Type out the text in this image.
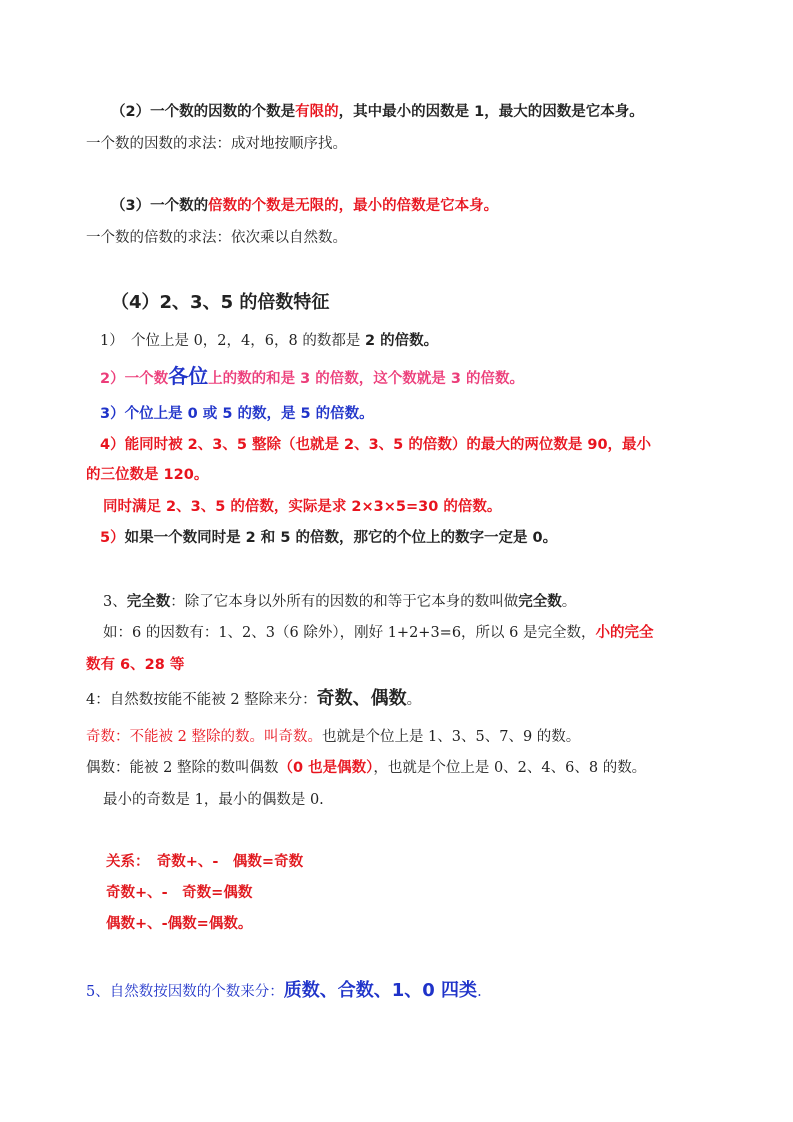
（2）一个数的因数的个数是有限的，其中最小的因数是 1，最大的因数是它本身。
一个数的因数的求法：成对地按顺序找。
（3）一个数的倍数的个数是无限的，最小的倍数是它本身。
一个数的倍数的求法：依次乘以自然数。
（4）2、3、5 的倍数特征
1）　个位上是 0，2，4，6，8 的数都是 2 的倍数。
2）一个数各位上的数的和是 3 的倍数，这个数就是 3 的倍数。
3）个位上是 0 或 5 的数，是 5 的倍数。
4）能同时被 2、3、5 整除（也就是 2、3、5 的倍数）的最大的两位数是 90，最小
的三位数是 120。
同时满足 2、3、5 的倍数，实际是求 2×3×5=30 的倍数。
5）如果一个数同时是 2 和 5 的倍数，那它的个位上的数字一定是 0。
3、完全数：除了它本身以外所有的因数的和等于它本身的数叫做完全数。
如：6 的因数有：1、2、3（6 除外），刚好 1+2+3=6，所以 6 是完全数，小的完全
数有 6、28 等
4：自然数按能不能被 2 整除来分：奇数、偶数。
奇数：不能被 2 整除的数。叫奇数。也就是个位上是 1、3、5、7、9 的数。
偶数：能被 2 整除的数叫偶数（0 也是偶数），也就是个位上是 0、2、4、6、8 的数。
最小的奇数是 1，最小的偶数是 0.
关系：　奇数+、-　偶数=奇数
奇数+、-　奇数=偶数
偶数+、-偶数=偶数。
5、自然数按因数的个数来分：质数、合数、1、0 四类.
